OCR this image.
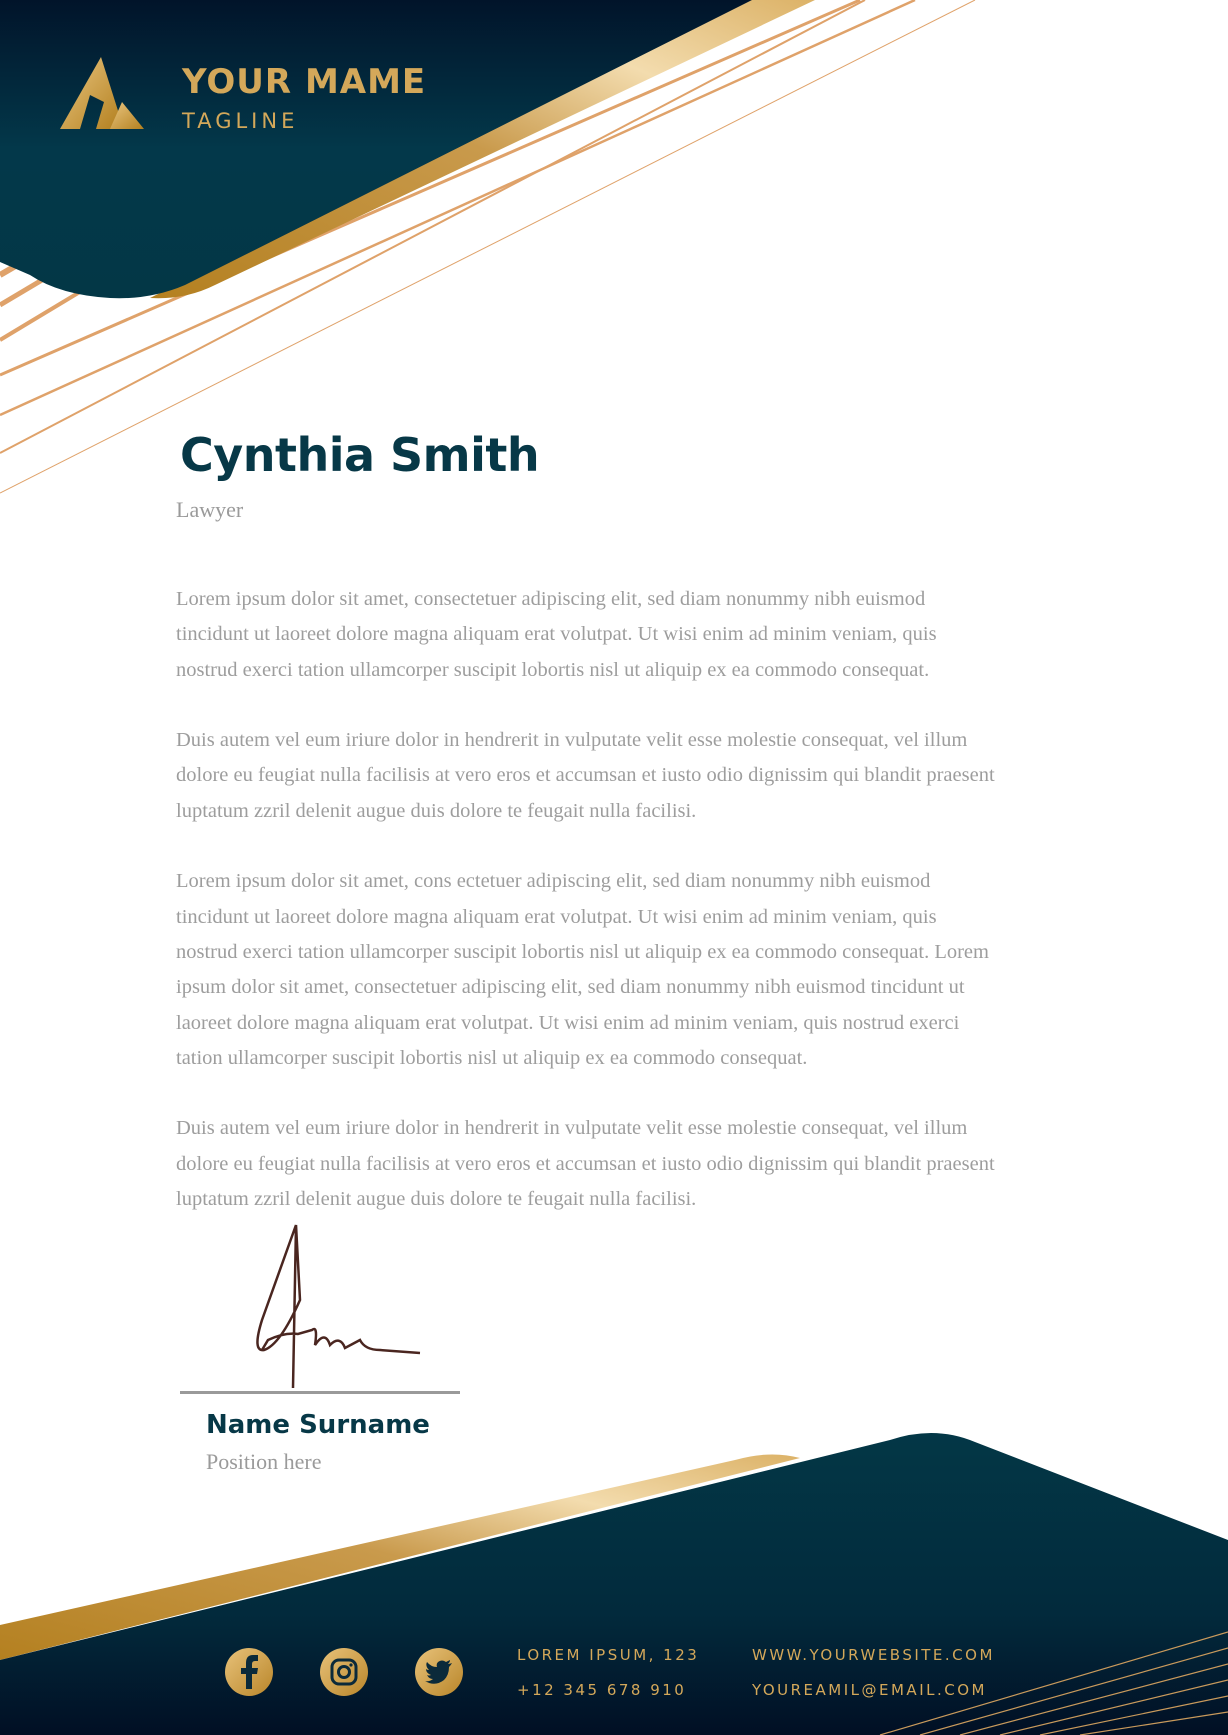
YOUR MAME
TAGLINE
Cynthia Smith
Lawyer

Lorem ipsum dolor sit amet, consectetuer adipiscing elit, sed diam nonummy nibh euismod
tincidunt ut laoreet dolore magna aliquam erat volutpat. Ut wisi enim ad minim veniam, quis
nostrud exerci tation ullamcorper suscipit lobortis nisl ut aliquip ex ea commodo consequat.

Duis autem vel eum iriure dolor in hendrerit in vulputate velit esse molestie consequat, vel illum
dolore eu feugiat nulla facilisis at vero eros et accumsan et iusto odio dignissim qui blandit praesent
luptatum zzril delenit augue duis dolore te feugait nulla facilisi.

Lorem ipsum dolor sit amet, cons ectetuer adipiscing elit, sed diam nonummy nibh euismod
tincidunt ut laoreet dolore magna aliquam erat volutpat. Ut wisi enim ad minim veniam, quis
nostrud exerci tation ullamcorper suscipit lobortis nisl ut aliquip ex ea commodo consequat. Lorem
ipsum dolor sit amet, consectetuer adipiscing elit, sed diam nonummy nibh euismod tincidunt ut
laoreet dolore magna aliquam erat volutpat. Ut wisi enim ad minim veniam, quis nostrud exerci
tation ullamcorper suscipit lobortis nisl ut aliquip ex ea commodo consequat.

Duis autem vel eum iriure dolor in hendrerit in vulputate velit esse molestie consequat, vel illum
dolore eu feugiat nulla facilisis at vero eros et accumsan et iusto odio dignissim qui blandit praesent
luptatum zzril delenit augue duis dolore te feugait nulla facilisi.

Name Surname
Position here
LOREM IPSUM, 123
+12 345 678 910
WWW.YOURWEBSITE.COM
YOUREAMIL@EMAIL.COM
